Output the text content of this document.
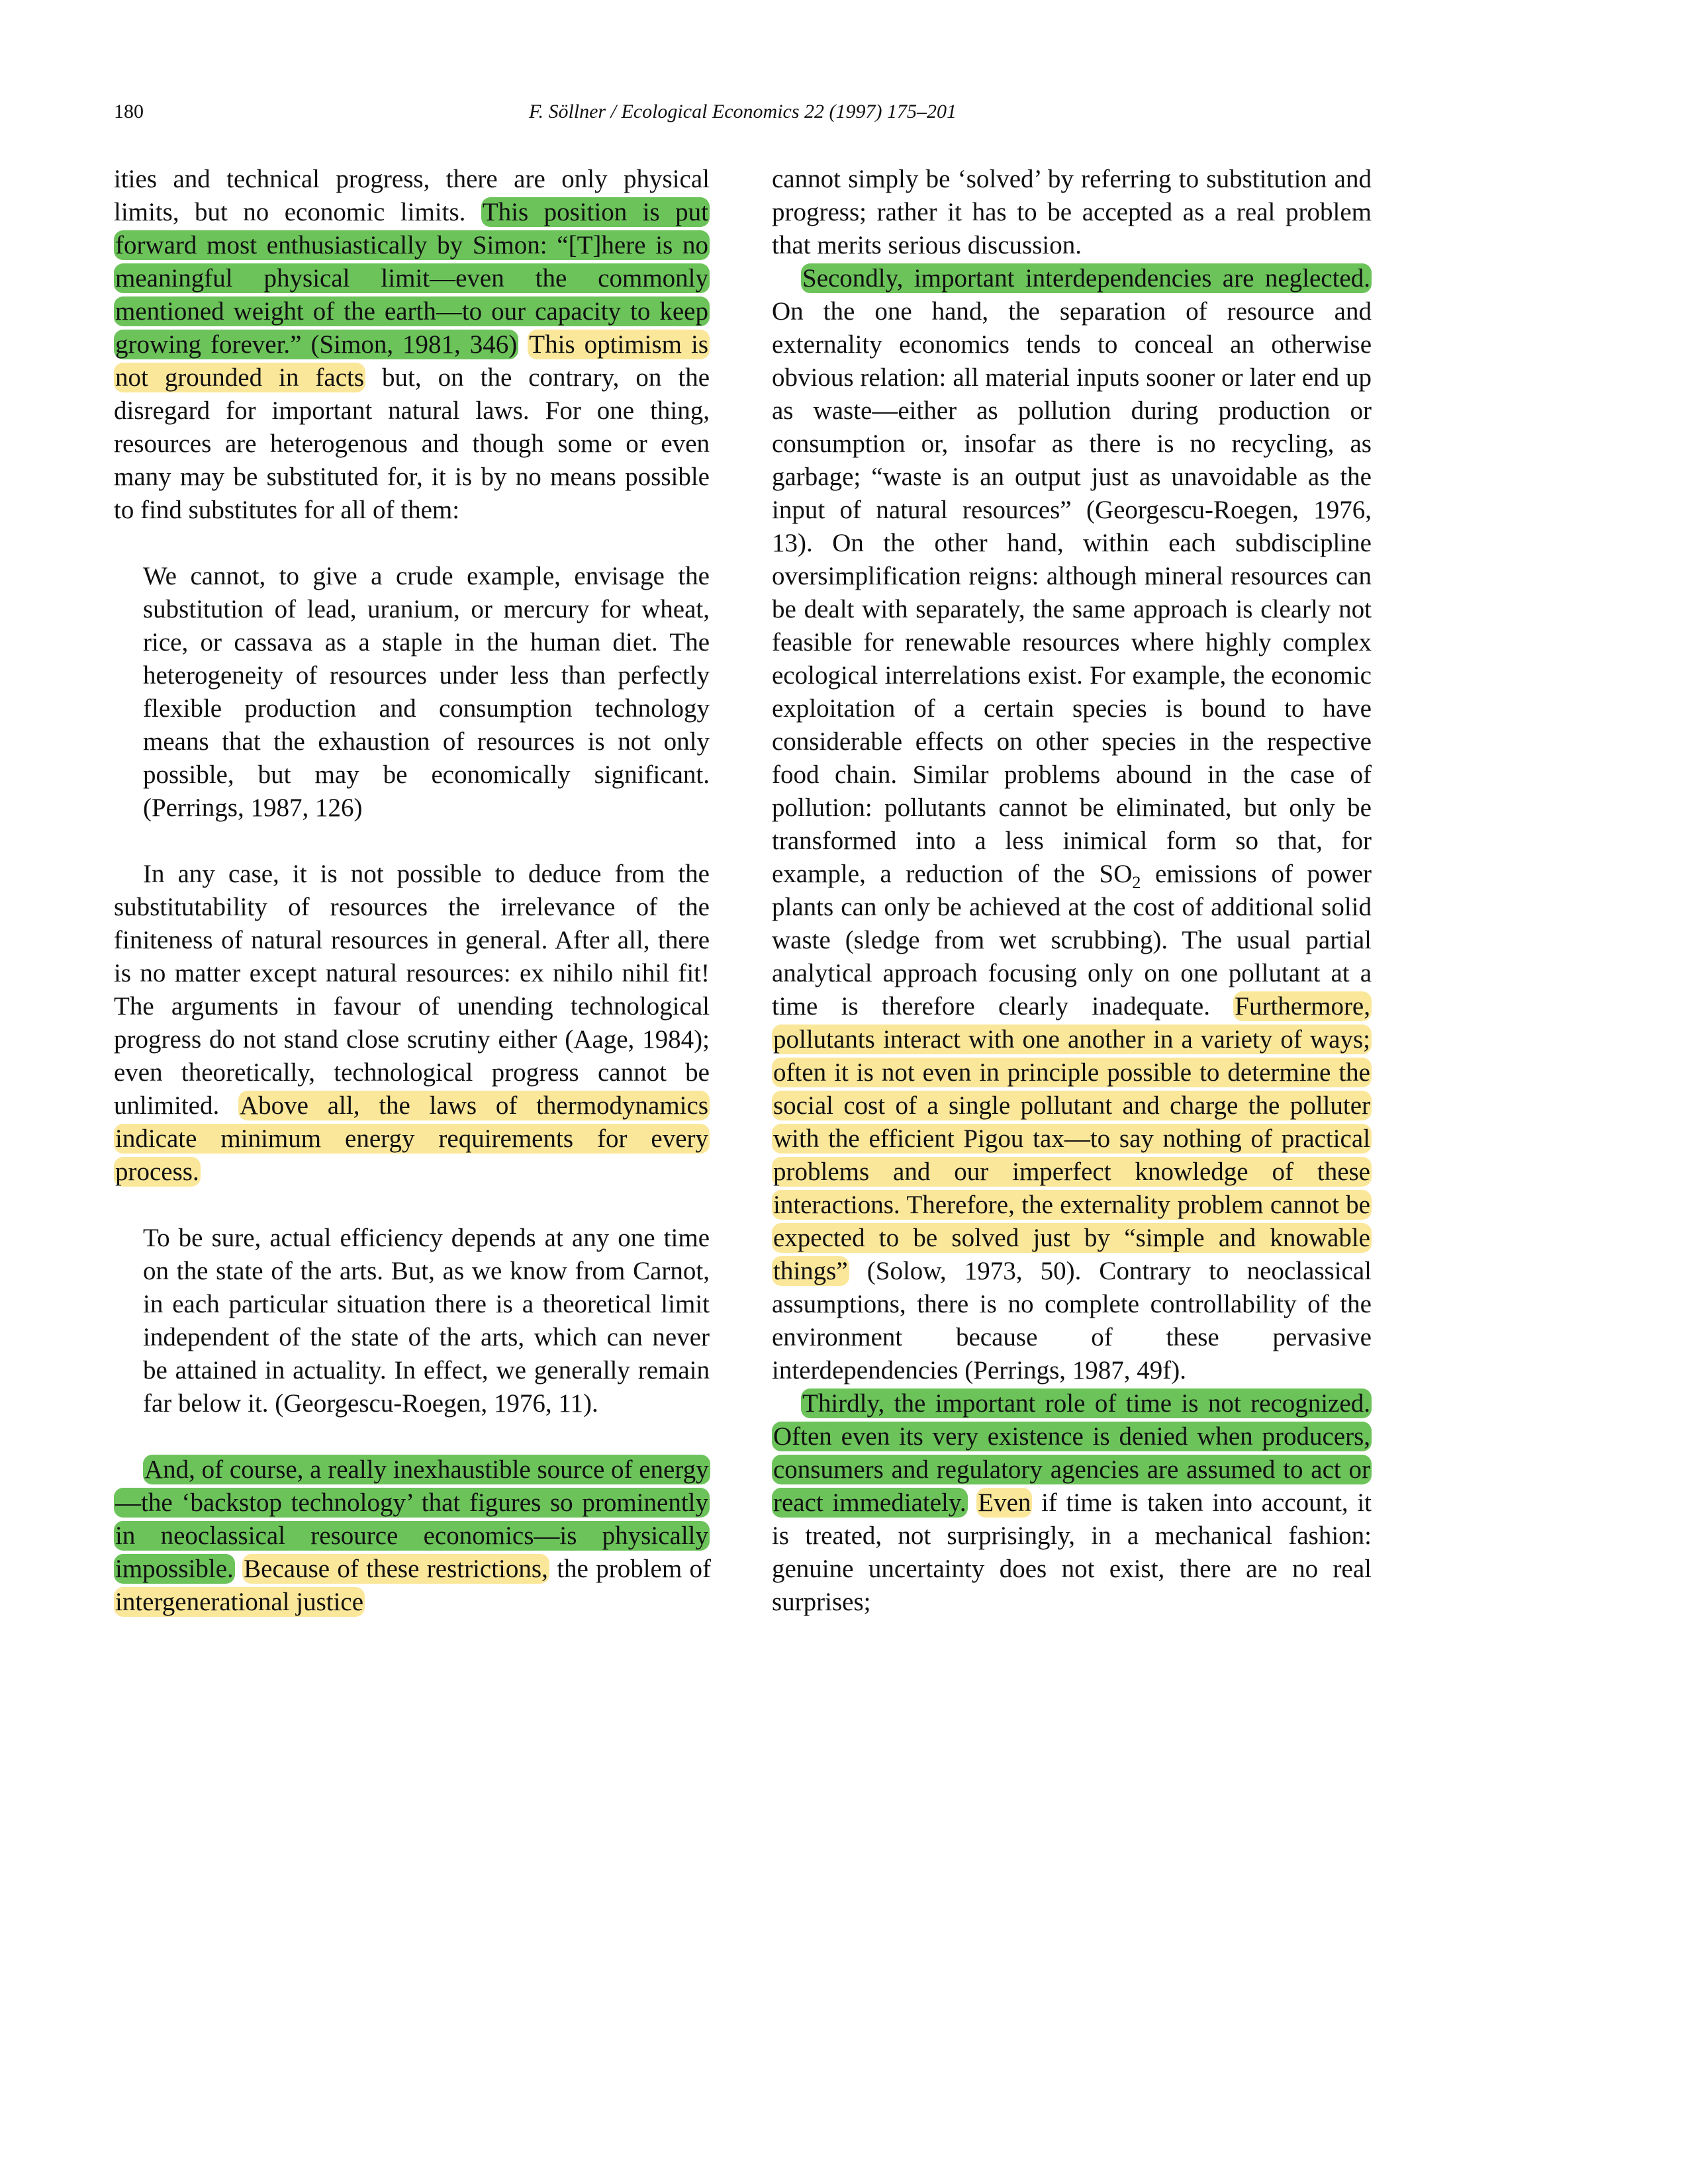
180	F. Söllner / Ecological Economics 22 (1997) 175–201

ities and technical progress, there are only physical limits, but no economic limits. This position is put forward most enthusiastically by Simon: “[T]here is no meaningful physical limit—even the commonly mentioned weight of the earth—to our capacity to keep growing forever.” (Simon, 1981, 346) This optimism is not grounded in facts but, on the contrary, on the disregard for important natural laws. For one thing, resources are heterogenous and though some or even many may be substituted for, it is by no means possible to find substitutes for all of them:

We cannot, to give a crude example, envisage the substitution of lead, uranium, or mercury for wheat, rice, or cassava as a staple in the human diet. The heterogeneity of resources under less than perfectly flexible production and consumption technology means that the exhaustion of resources is not only possible, but may be economically significant. (Perrings, 1987, 126)

In any case, it is not possible to deduce from the substitutability of resources the irrelevance of the finiteness of natural resources in general. After all, there is no matter except natural resources: ex nihilo nihil fit! The arguments in favour of unending technological progress do not stand close scrutiny either (Aage, 1984); even theoretically, technological progress cannot be unlimited. Above all, the laws of thermodynamics indicate minimum energy requirements for every process.

To be sure, actual efficiency depends at any one time on the state of the arts. But, as we know from Carnot, in each particular situation there is a theoretical limit independent of the state of the arts, which can never be attained in actuality. In effect, we generally remain far below it. (Georgescu-Roegen, 1976, 11).

And, of course, a really inexhaustible source of energy—the ‘backstop technology’ that figures so prominently in neoclassical resource economics—is physically impossible. Because of these restrictions, the problem of intergenerational justice

cannot simply be ‘solved’ by referring to substitution and progress; rather it has to be accepted as a real problem that merits serious discussion.

Secondly, important interdependencies are neglected. On the one hand, the separation of resource and externality economics tends to conceal an otherwise obvious relation: all material inputs sooner or later end up as waste—either as pollution during production or consumption or, insofar as there is no recycling, as garbage; “waste is an output just as unavoidable as the input of natural resources” (Georgescu-Roegen, 1976, 13). On the other hand, within each subdiscipline oversimplification reigns: although mineral resources can be dealt with separately, the same approach is clearly not feasible for renewable resources where highly complex ecological interrelations exist. For example, the economic exploitation of a certain species is bound to have considerable effects on other species in the respective food chain. Similar problems abound in the case of pollution: pollutants cannot be eliminated, but only be transformed into a less inimical form so that, for example, a reduction of the $SO_2$ emissions of power plants can only be achieved at the cost of additional solid waste (sledge from wet scrubbing). The usual partial analytical approach focusing only on one pollutant at a time is therefore clearly inadequate. Furthermore, pollutants interact with one another in a variety of ways; often it is not even in principle possible to determine the social cost of a single pollutant and charge the polluter with the efficient Pigou tax—to say nothing of practical problems and our imperfect knowledge of these interactions. Therefore, the externality problem cannot be expected to be solved just by “simple and knowable things” (Solow, 1973, 50). Contrary to neoclassical assumptions, there is no complete controllability of the environment because of these pervasive interdependencies (Perrings, 1987, 49f).

Thirdly, the important role of time is not recognized. Often even its very existence is denied when producers, consumers and regulatory agencies are assumed to act or react immediately. Even if time is taken into account, it is treated, not surprisingly, in a mechanical fashion: genuine uncertainty does not exist, there are no real surprises;
